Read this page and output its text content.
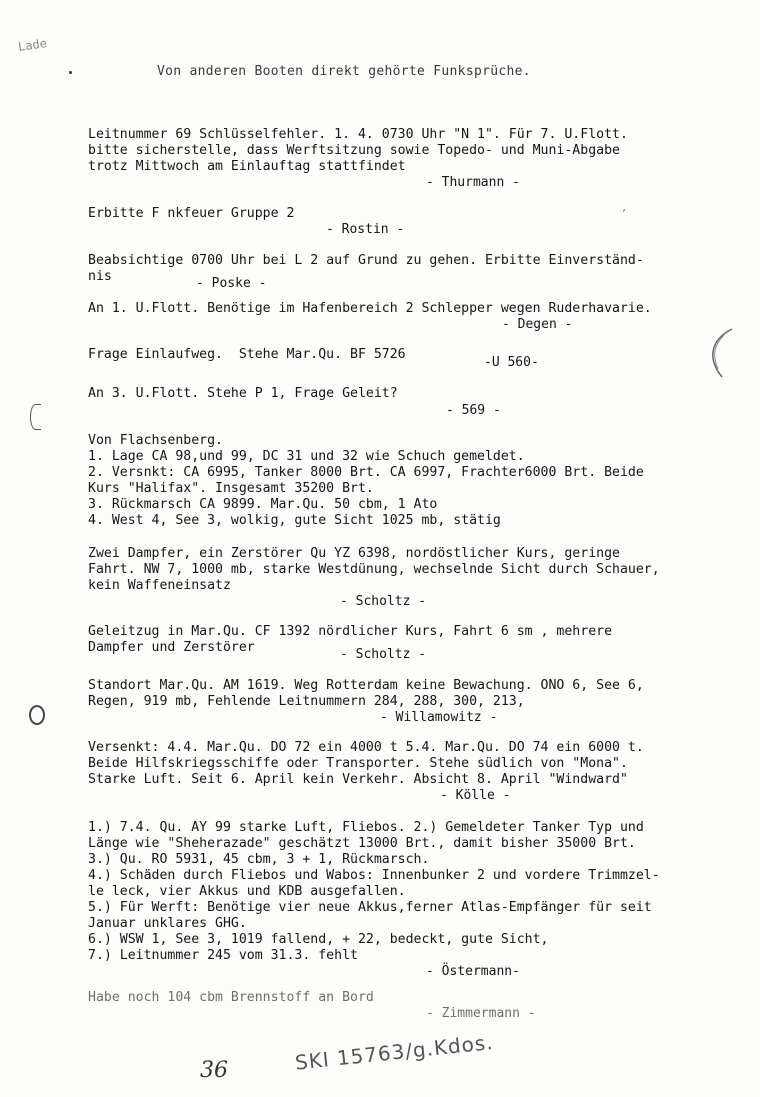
Lade
Von anderen Booten direkt gehörte Funksprüche.
Leitnummer 69 Schlüsselfehler. 1. 4. 0730 Uhr "N 1". Für 7. U.Flott.
bitte sicherstelle, dass Werftsitzung sowie Topedo- und Muni-Abgabe
trotz Mittwoch am Einlauftag stattfindet
- Thurmann -
Erbitte F nkfeuer Gruppe 2
- Rostin -
Beabsichtige 0700 Uhr bei L 2 auf Grund zu gehen. Erbitte Einverständ-
nis	- Poske -
An 1. U.Flott. Benötige im Hafenbereich 2 Schlepper wegen Ruderhavarie.
- Degen -
Frage Einlaufweg.  Stehe Mar.Qu. BF 5726
-U 560-
An 3. U.Flott. Stehe P 1, Frage Geleit?
- 569 -
Von Flachsenberg.
1. Lage CA 98,und 99, DC 31 und 32 wie Schuch gemeldet.
2. Versnkt: CA 6995, Tanker 8000 Brt. CA 6997, Frachter6000 Brt. Beide
Kurs "Halifax". Insgesamt 35200 Brt.
3. Rückmarsch CA 9899. Mar.Qu. 50 cbm, 1 Ato
4. West 4, See 3, wolkig, gute Sicht 1025 mb, stätig
Zwei Dampfer, ein Zerstörer Qu YZ 6398, nordöstlicher Kurs, geringe
Fahrt. NW 7, 1000 mb, starke Westdünung, wechselnde Sicht durch Schauer,
kein Waffeneinsatz
- Scholtz -
Geleitzug in Mar.Qu. CF 1392 nördlicher Kurs, Fahrt 6 sm , mehrere
Dampfer und Zerstörer	- Scholtz -
Standort Mar.Qu. AM 1619. Weg Rotterdam keine Bewachung. ONO 6, See 6,
Regen, 919 mb, Fehlende Leitnummern 284, 288, 300, 213,
- Willamowitz -
Versenkt: 4.4. Mar.Qu. DO 72 ein 4000 t 5.4. Mar.Qu. DO 74 ein 6000 t.
Beide Hilfskriegsschiffe oder Transporter. Stehe südlich von "Mona".
Starke Luft. Seit 6. April kein Verkehr. Absicht 8. April "Windward"
- Kölle -
1.) 7.4. Qu. AY 99 starke Luft, Fliebos. 2.) Gemeldeter Tanker Typ und
Länge wie "Sheherazade" geschätzt 13000 Brt., damit bisher 35000 Brt.
3.) Qu. RO 5931, 45 cbm, 3 + 1, Rückmarsch.
4.) Schäden durch Fliebos und Wabos: Innenbunker 2 und vordere Trimmzel-
le leck, vier Akkus und KDB ausgefallen.
5.) Für Werft: Benötige vier neue Akkus,ferner Atlas-Empfänger für seit
Januar unklares GHG.
6.) WSW 1, See 3, 1019 fallend, + 22, bedeckt, gute Sicht,
7.) Leitnummer 245 vom 31.3. fehlt
- Östermann-
Habe noch 104 cbm Brennstoff an Bord
- Zimmermann -
’
SKI 15763/g.Kdos.
36
